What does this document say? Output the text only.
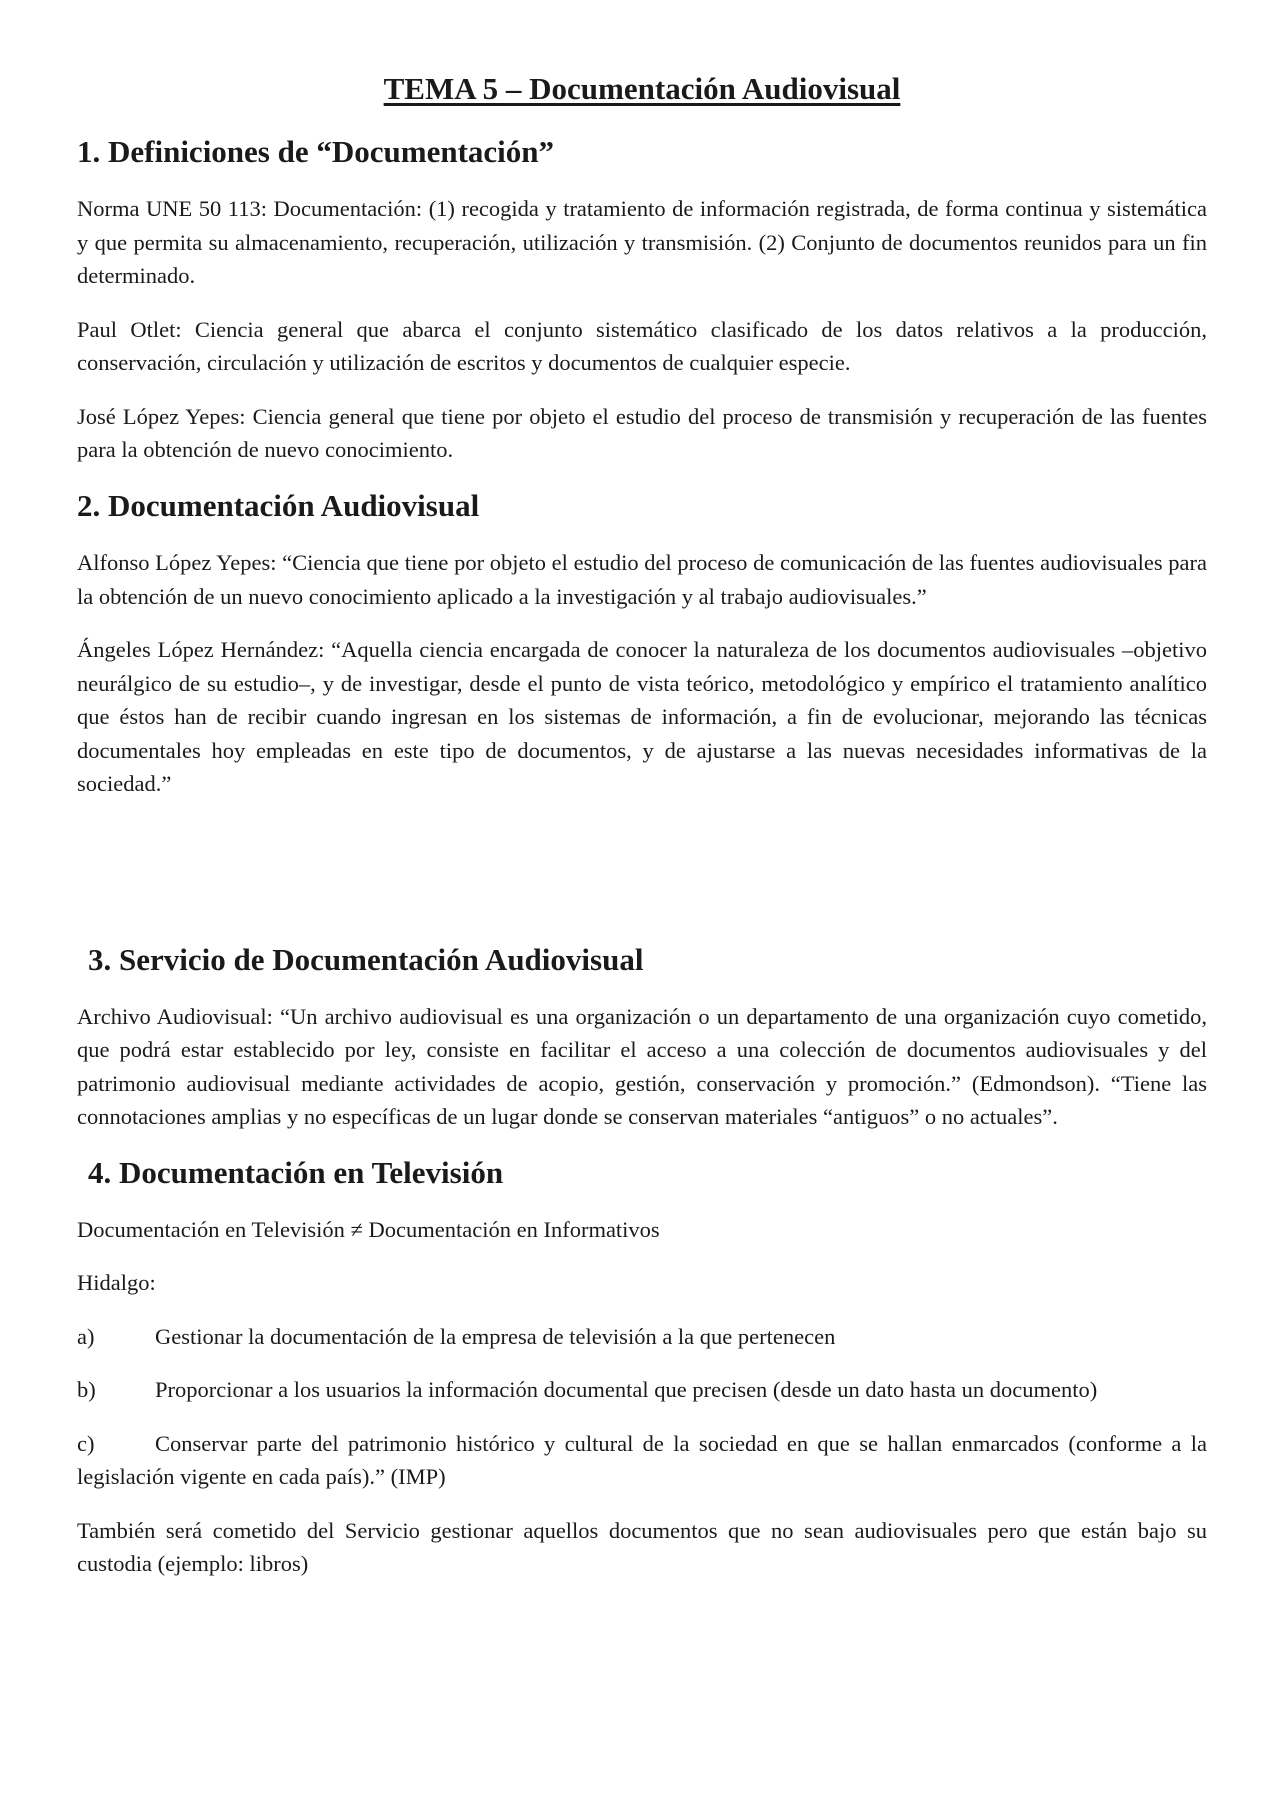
TEMA 5 – Documentación Audiovisual
1. Definiciones de “Documentación”

Norma UNE 50 113: Documentación: (1) recogida y tratamiento de información registrada, de forma continua y sistemática y que permita su almacenamiento, recuperación, utilización y transmisión. (2) Conjunto de documentos reunidos para un fin determinado.

Paul Otlet: Ciencia general que abarca el conjunto sistemático clasificado de los datos relativos a la producción, conservación, circulación y utilización de escritos y documentos de cualquier especie.

José López Yepes: Ciencia general que tiene por objeto el estudio del proceso de transmisión y recuperación de las fuentes para la obtención de nuevo conocimiento.

2. Documentación Audiovisual

Alfonso López Yepes: “Ciencia que tiene por objeto el estudio del proceso de comunicación de las fuentes audiovisuales para la obtención de un nuevo conocimiento aplicado a la investigación y al trabajo audiovisuales.”

Ángeles López Hernández: “Aquella ciencia encargada de conocer la naturaleza de los documentos audiovisuales –objetivo neurálgico de su estudio–, y de investigar, desde el punto de vista teórico, metodológico y empírico el tratamiento analítico que éstos han de recibir cuando ingresan en los sistemas de información, a fin de evolucionar, mejorando las técnicas documentales hoy empleadas en este tipo de documentos, y de ajustarse a las nuevas necesidades informativas de la sociedad.”

3. Servicio de Documentación Audiovisual

Archivo Audiovisual: “Un archivo audiovisual es una organización o un departamento de una organización cuyo cometido, que podrá estar establecido por ley, consiste en facilitar el acceso a una colección de documentos audiovisuales y del patrimonio audiovisual mediante actividades de acopio, gestión, conservación y promoción.” (Edmondson). “Tiene las connotaciones amplias y no específicas de un lugar donde se conservan materiales “antiguos” o no actuales”.

4. Documentación en Televisión

Documentación en Televisión ≠ Documentación en Informativos

Hidalgo:

a)	Gestionar la documentación de la empresa de televisión a la que pertenecen
b)	Proporcionar a los usuarios la información documental que precisen (desde un dato hasta un documento)
c)	Conservar parte del patrimonio histórico y cultural de la sociedad en que se hallan enmarcados (conforme a la legislación vigente en cada país).” (IMP)

También será cometido del Servicio gestionar aquellos documentos que no sean audiovisuales pero que están bajo su custodia (ejemplo: libros)
